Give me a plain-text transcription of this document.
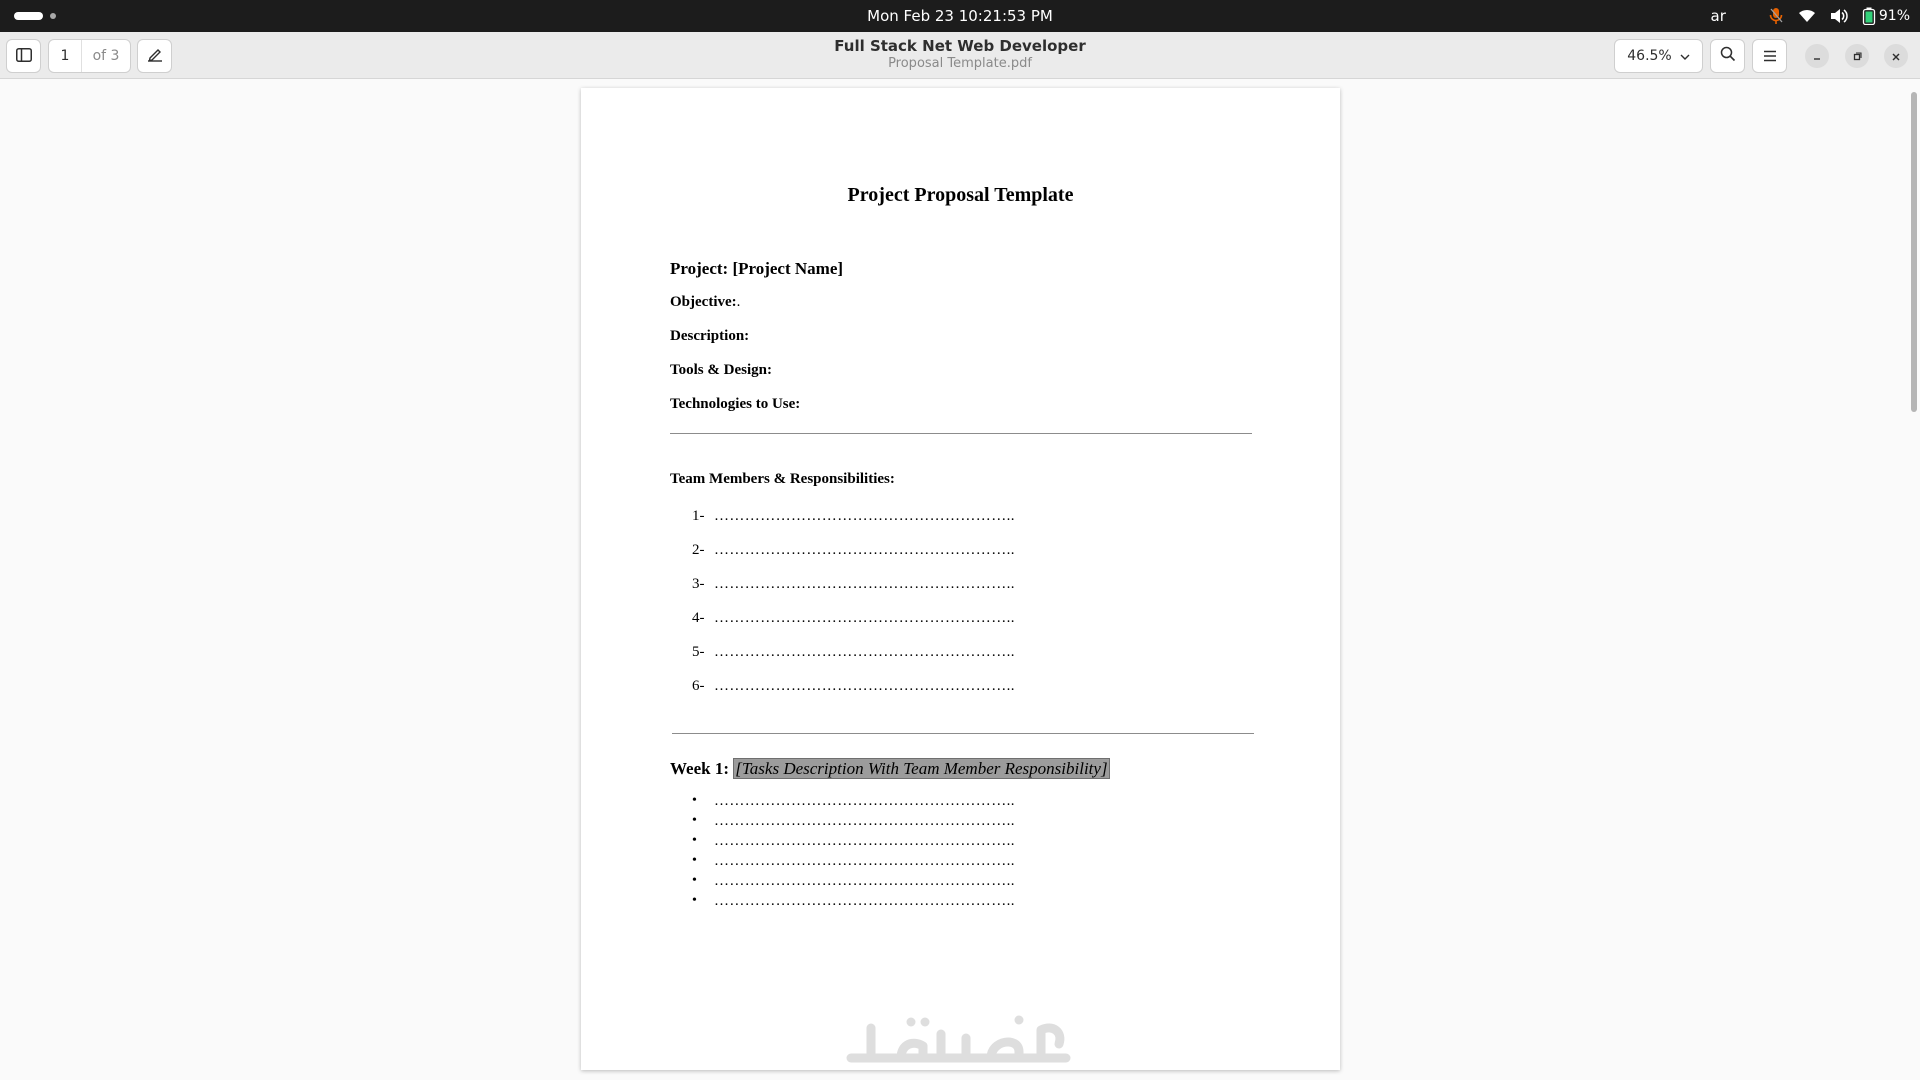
Mon Feb 23 10:21:53 PM	ar	91%
1	of 3
Full Stack Net Web Developer
Proposal Template.pdf	46.5%
Project Proposal Template
Project: [Project Name]
Objective:.
Description:
Tools & Design:
Technologies to Use:
Team Members & Responsibilities:
1- …………………………………………………..
2- …………………………………………………..
3- …………………………………………………..
4- …………………………………………………..
5- …………………………………………………..
6- …………………………………………………..
Week 1: [Tasks Description With Team Member Responsibility]
• …………………………………………………..
• …………………………………………………..
• …………………………………………………..
• …………………………………………………..
• …………………………………………………..
• …………………………………………………..
